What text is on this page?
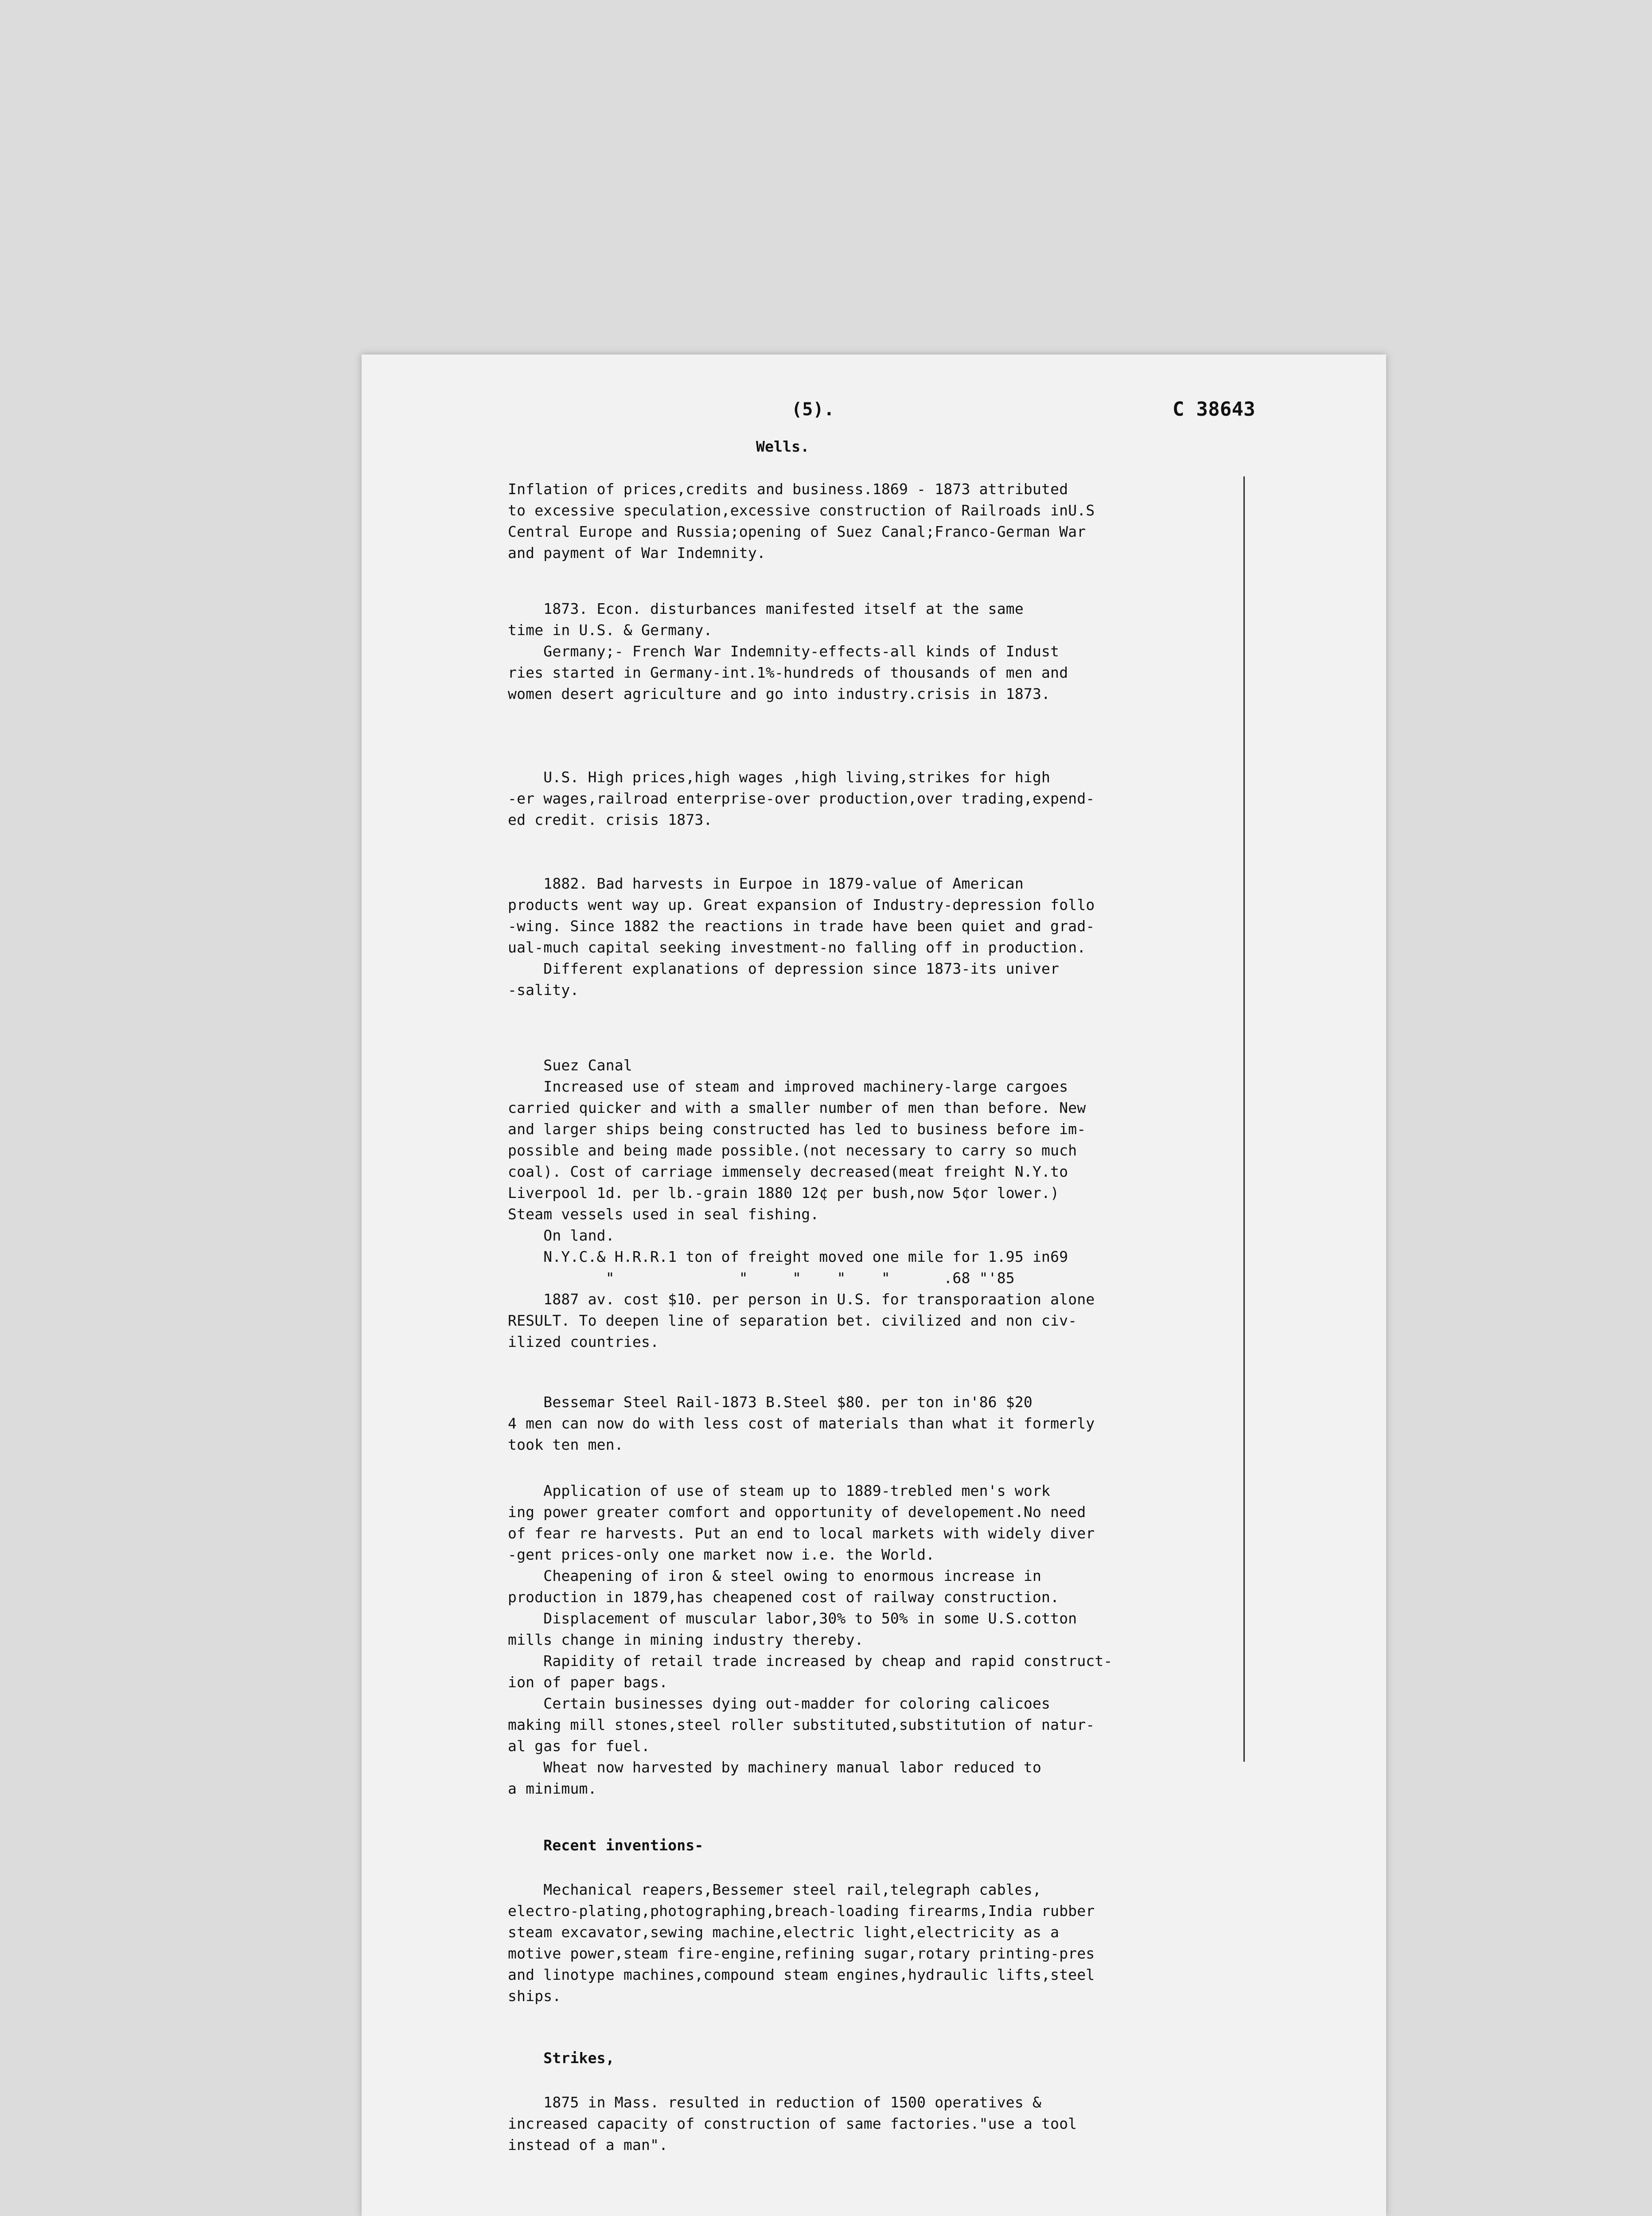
(5).	C 38643

Wells.

Inflation of prices,credits and business.1869 - 1873 attributed

to excessive speculation,excessive construction of Railroads inU.S

Central Europe and Russia;opening of Suez Canal;Franco-German War

and payment of War Indemnity.

1873. Econ. disturbances manifested itself at the same

time in U.S. & Germany.

Germany;- French War Indemnity-effects-all kinds of Indust

ries started in Germany-int.1%-hundreds of thousands of men and

women desert agriculture and go into industry.crisis in 1873.

U.S. High prices,high wages ,high living,strikes for high

-er wages,railroad enterprise-over production,over trading,expend-

ed credit. crisis 1873.

1882. Bad harvests in Eurpoe in 1879-value of American

products went way up. Great expansion of Industry-depression follo

-wing. Since 1882 the reactions in trade have been quiet and grad-

ual-much capital seeking investment-no falling off in production.

Different explanations of depression since 1873-its univer

-sality.

Suez Canal

Increased use of steam and improved machinery-large cargoes

carried quicker and with a smaller number of men than before. New

and larger ships being constructed has led to business before im-

possible and being made possible.(not necessary to carry so much

coal). Cost of carriage immensely decreased(meat freight N.Y.to

Liverpool 1d. per lb.-grain 1880 12¢ per bush,now 5¢or lower.)

Steam vessels used in seal fishing.

On land.

N.Y.C.& H.R.R.1 ton of freight moved one mile for 1.95 in69

"              "     "    "    "      .68 "'85

1887 av. cost $10. per person in U.S. for transporaation alone

RESULT. To deepen line of separation bet. civilized and non civ-

ilized countries.

Bessemar Steel Rail-1873 B.Steel $80. per ton in'86 $20

4 men can now do with less cost of materials than what it formerly

took ten men.

Application of use of steam up to 1889-trebled men's work

ing power greater comfort and opportunity of developement.No need

of fear re harvests. Put an end to local markets with widely diver

-gent prices-only one market now i.e. the World.

Cheapening of iron & steel owing to enormous increase in

production in 1879,has cheapened cost of railway construction.

Displacement of muscular labor,30% to 50% in some U.S.cotton

mills change in mining industry thereby.

Rapidity of retail trade increased by cheap and rapid construct-

ion of paper bags.

Certain businesses dying out-madder for coloring calicoes

making mill stones,steel roller substituted,substitution of natur-

al gas for fuel.

Wheat now harvested by machinery manual labor reduced to

a minimum.

Recent inventions-

Mechanical reapers,Bessemer steel rail,telegraph cables,

electro-plating,photographing,breach-loading firearms,India rubber

steam excavator,sewing machine,electric light,electricity as a

motive power,steam fire-engine,refining sugar,rotary printing-pres

and linotype machines,compound steam engines,hydraulic lifts,steel

ships.

Strikes,

1875 in Mass. resulted in reduction of 1500 operatives &

increased capacity of construction of same factories."use a tool

instead of a man".
